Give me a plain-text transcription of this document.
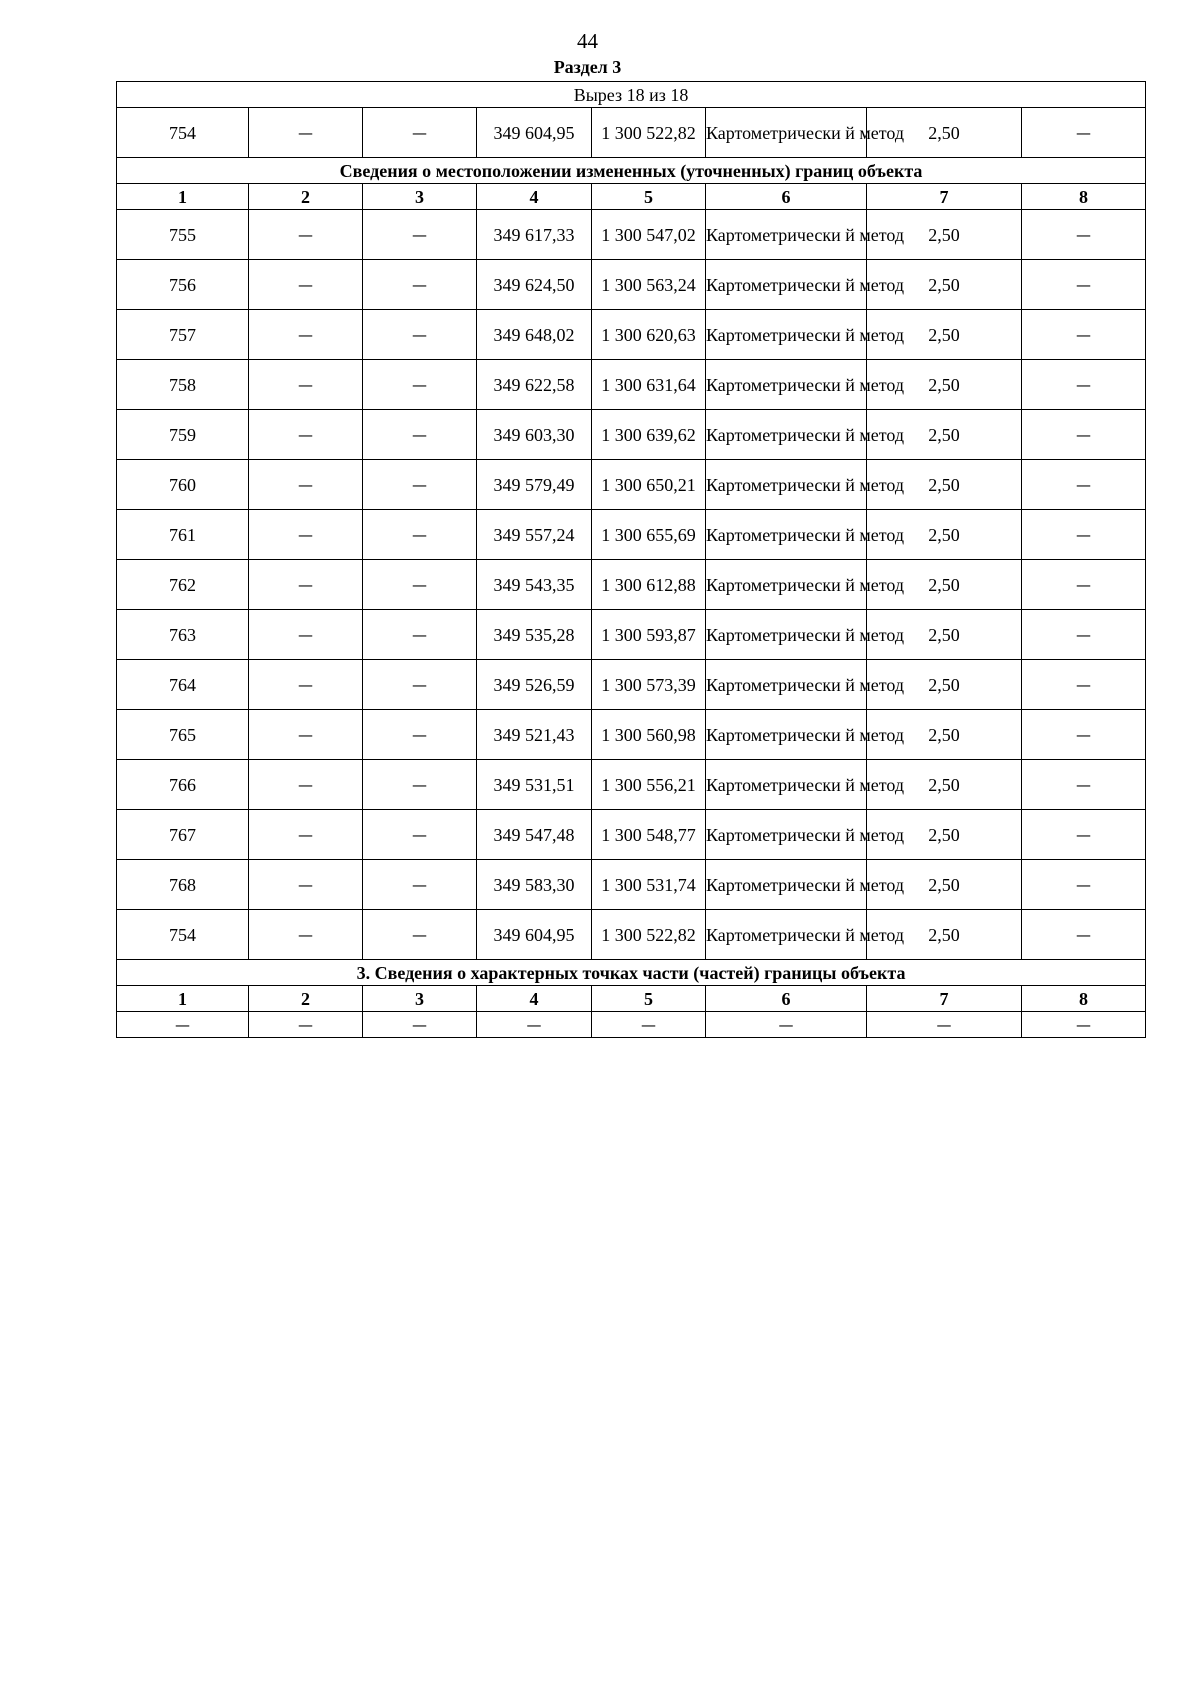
44
Раздел 3
Вырез 18 из 18							
754	—	—	349 604,95	1 300 522,82	Картометрически й метод	2,50	—
Сведения о местоположении измененных (уточненных) границ объекта							
1	2	3	4	5	6	7	8
755	—	—	349 617,33	1 300 547,02	Картометрически й метод	2,50	—
756	—	—	349 624,50	1 300 563,24	Картометрически й метод	2,50	—
757	—	—	349 648,02	1 300 620,63	Картометрически й метод	2,50	—
758	—	—	349 622,58	1 300 631,64	Картометрически й метод	2,50	—
759	—	—	349 603,30	1 300 639,62	Картометрически й метод	2,50	—
760	—	—	349 579,49	1 300 650,21	Картометрически й метод	2,50	—
761	—	—	349 557,24	1 300 655,69	Картометрически й метод	2,50	—
762	—	—	349 543,35	1 300 612,88	Картометрически й метод	2,50	—
763	—	—	349 535,28	1 300 593,87	Картометрически й метод	2,50	—
764	—	—	349 526,59	1 300 573,39	Картометрически й метод	2,50	—
765	—	—	349 521,43	1 300 560,98	Картометрически й метод	2,50	—
766	—	—	349 531,51	1 300 556,21	Картометрически й метод	2,50	—
767	—	—	349 547,48	1 300 548,77	Картометрически й метод	2,50	—
768	—	—	349 583,30	1 300 531,74	Картометрически й метод	2,50	—
754	—	—	349 604,95	1 300 522,82	Картометрически й метод	2,50	—
3. Сведения о характерных точках части (частей) границы объекта							
1	2	3	4	5	6	7	8
—	—	—	—	—	—	—	—
